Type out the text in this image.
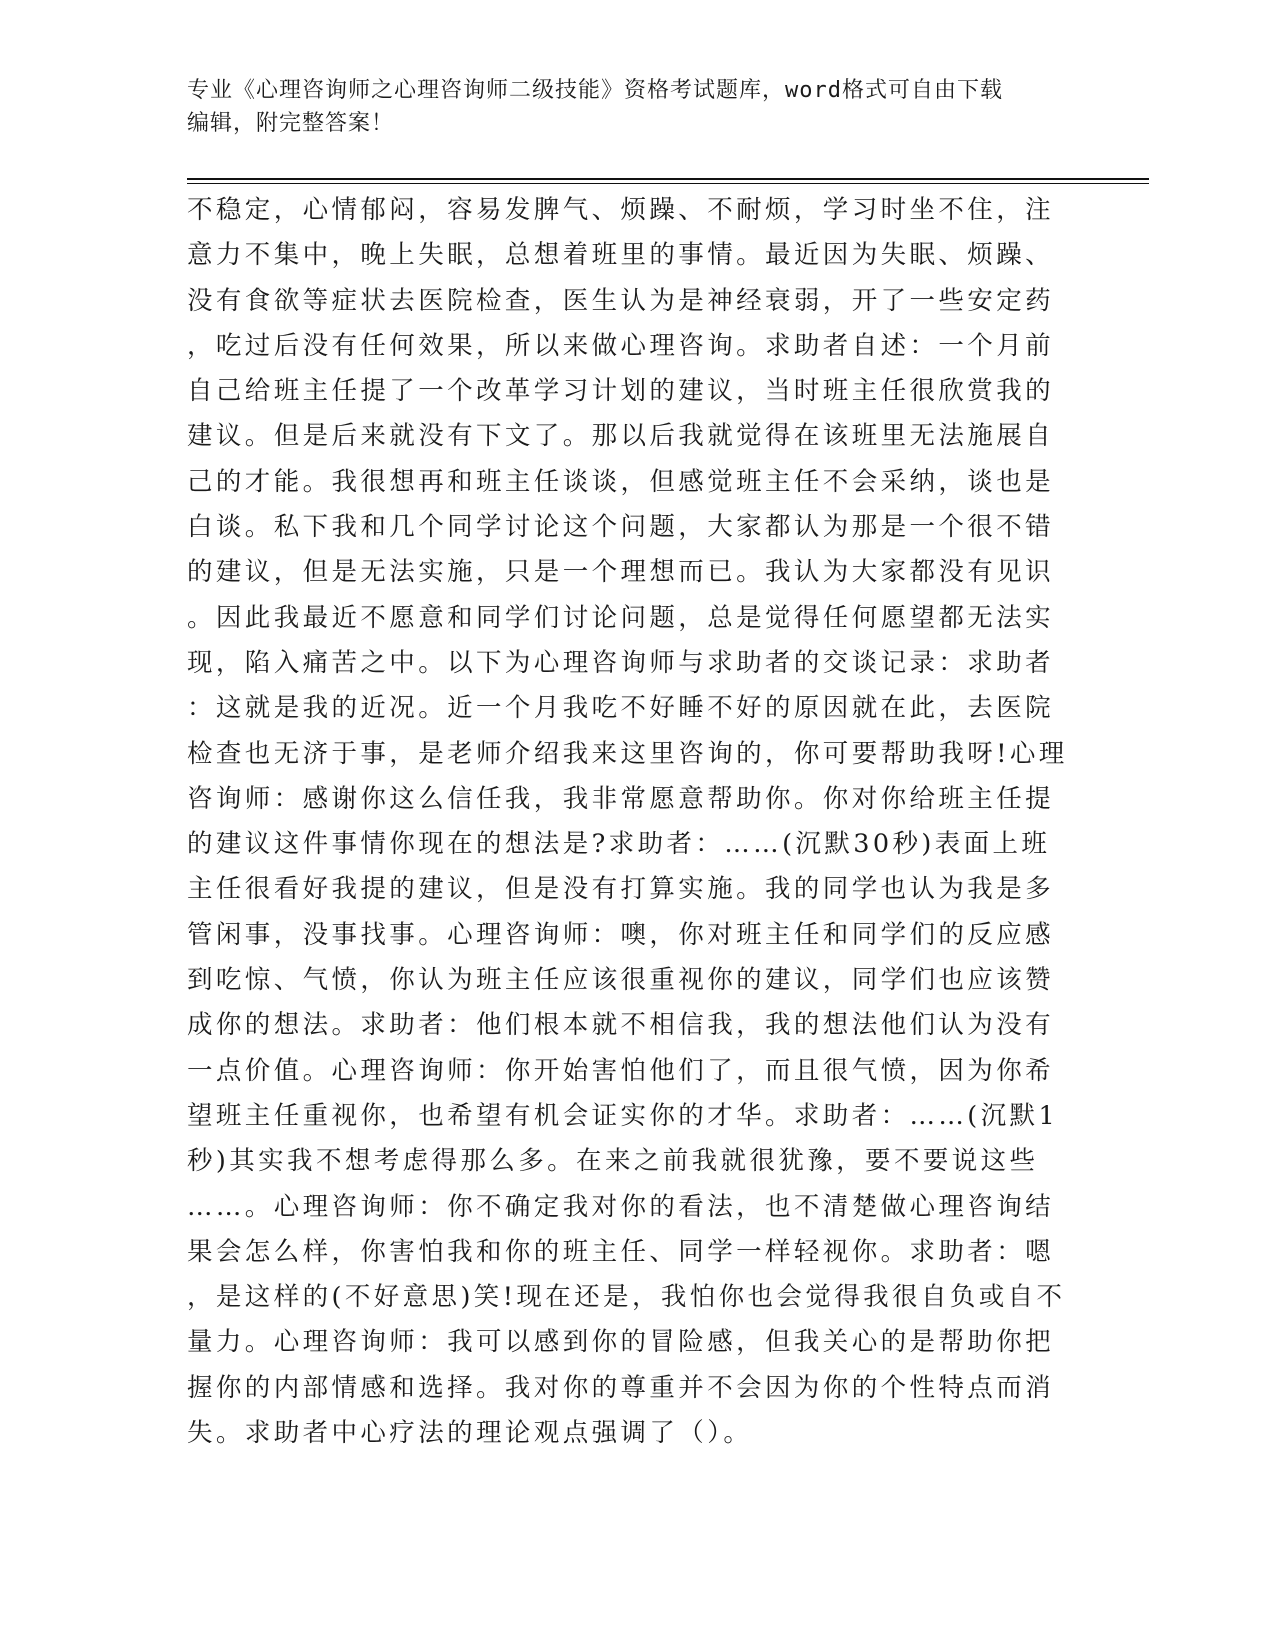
专业《心理咨询师之心理咨询师二级技能》资格考试题库，word格式可自由下载
编辑，附完整答案！
不稳定，心情郁闷，容易发脾气、烦躁、不耐烦，学习时坐不住，注
意力不集中，晚上失眠，总想着班里的事情。最近因为失眠、烦躁、
没有食欲等症状去医院检查，医生认为是神经衰弱，开了一些安定药
，吃过后没有任何效果，所以来做心理咨询。求助者自述：一个月前
自己给班主任提了一个改革学习计划的建议，当时班主任很欣赏我的
建议。但是后来就没有下文了。那以后我就觉得在该班里无法施展自
己的才能。我很想再和班主任谈谈，但感觉班主任不会采纳，谈也是
白谈。私下我和几个同学讨论这个问题，大家都认为那是一个很不错
的建议，但是无法实施，只是一个理想而已。我认为大家都没有见识
。因此我最近不愿意和同学们讨论问题，总是觉得任何愿望都无法实
现，陷入痛苦之中。以下为心理咨询师与求助者的交谈记录：求助者
：这就是我的近况。近一个月我吃不好睡不好的原因就在此，去医院
检查也无济于事，是老师介绍我来这里咨询的，你可要帮助我呀!心理
咨询师：感谢你这么信任我，我非常愿意帮助你。你对你给班主任提
的建议这件事情你现在的想法是?求助者：……(沉默30秒)表面上班
主任很看好我提的建议，但是没有打算实施。我的同学也认为我是多
管闲事，没事找事。心理咨询师：噢，你对班主任和同学们的反应感
到吃惊、气愤，你认为班主任应该很重视你的建议，同学们也应该赞
成你的想法。求助者：他们根本就不相信我，我的想法他们认为没有
一点价值。心理咨询师：你开始害怕他们了，而且很气愤，因为你希
望班主任重视你，也希望有机会证实你的才华。求助者：……(沉默1
秒)其实我不想考虑得那么多。在来之前我就很犹豫，要不要说这些
……。心理咨询师：你不确定我对你的看法，也不清楚做心理咨询结
果会怎么样，你害怕我和你的班主任、同学一样轻视你。求助者：嗯
，是这样的(不好意思)笑!现在还是，我怕你也会觉得我很自负或自不
量力。心理咨询师：我可以感到你的冒险感，但我关心的是帮助你把
握你的内部情感和选择。我对你的尊重并不会因为你的个性特点而消
失。求助者中心疗法的理论观点强调了（）。
